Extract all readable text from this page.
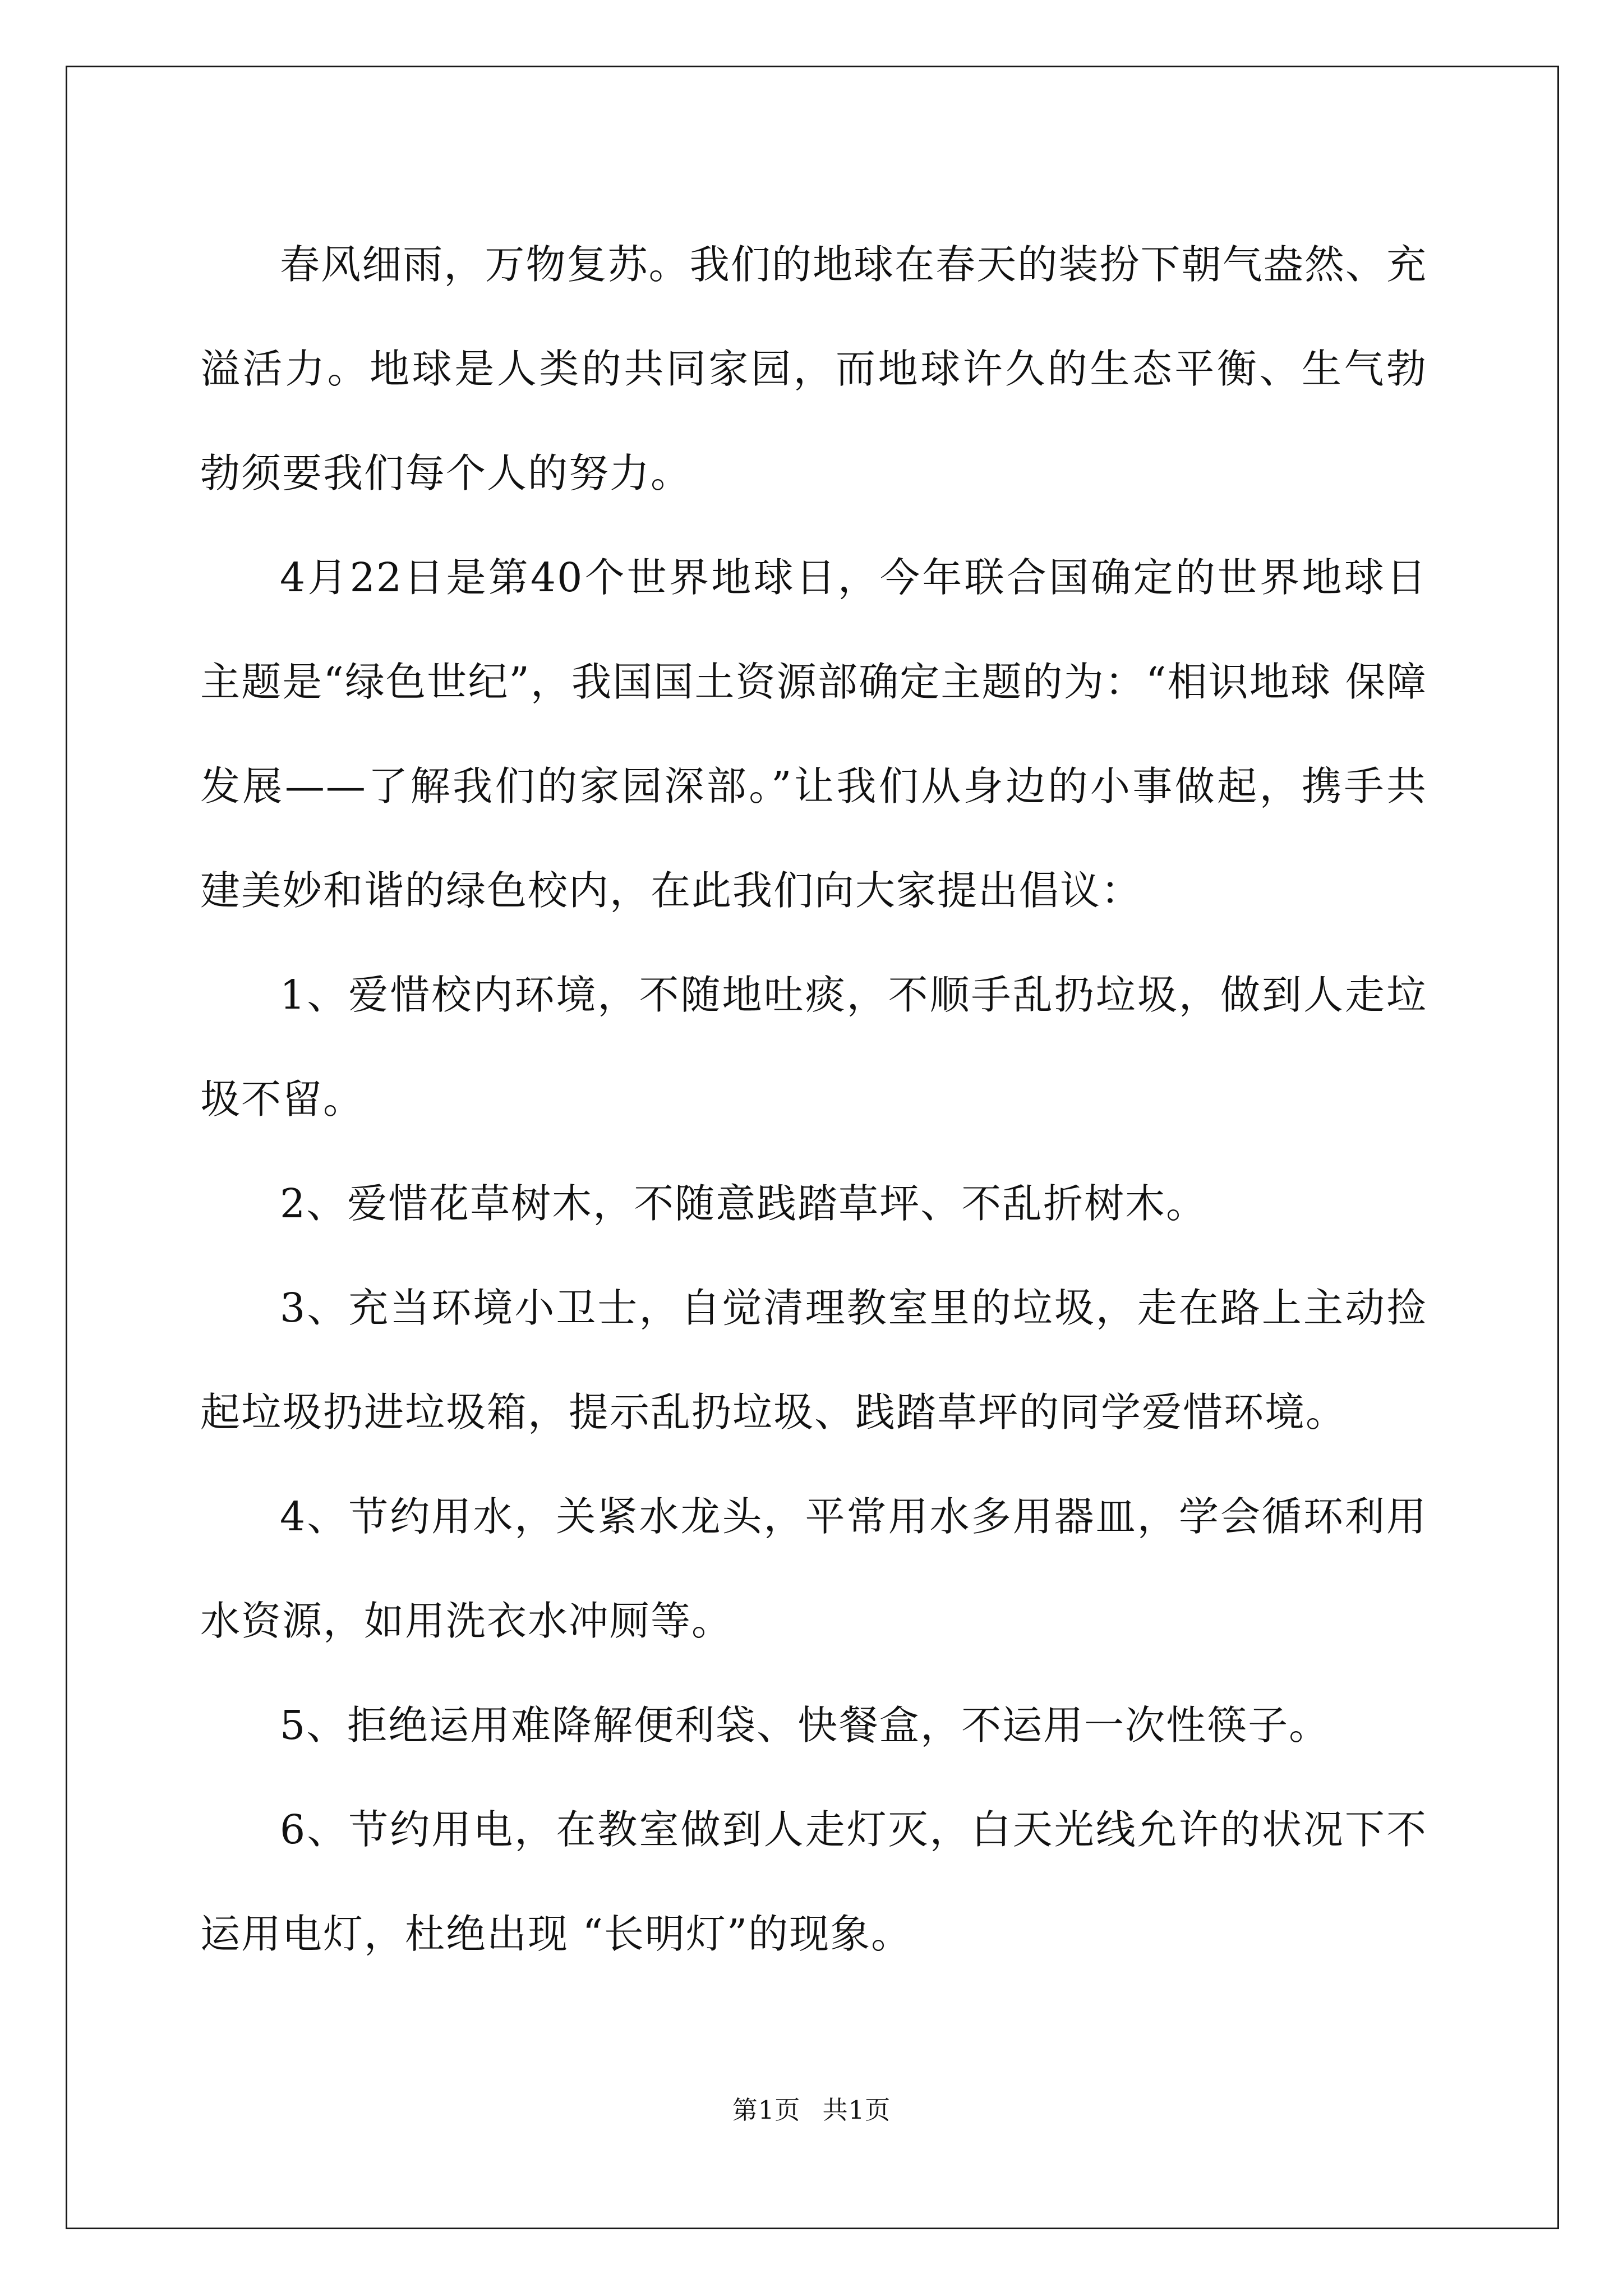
春风细雨，万物复苏。我们的地球在春天的装扮下朝气盎然、充溢活力。地球是人类的共同家园，而地球许久的生态平衡、生气勃勃须要我们每个人的努力。

4月22日是第40个世界地球日，今年联合国确定的世界地球日主题是“绿色世纪”，我国国土资源部确定主题的为：“相识地球 保障发展——了解我们的家园深部。”让我们从身边的小事做起，携手共建美妙和谐的绿色校内，在此我们向大家提出倡议：

1、爱惜校内环境，不随地吐痰，不顺手乱扔垃圾，做到人走垃圾不留。

2、爱惜花草树木，不随意践踏草坪、不乱折树木。

3、充当环境小卫士，自觉清理教室里的垃圾，走在路上主动捡起垃圾扔进垃圾箱，提示乱扔垃圾、践踏草坪的同学爱惜环境。

4、节约用水，关紧水龙头，平常用水多用器皿，学会循环利用水资源，如用洗衣水冲厕等。

5、拒绝运用难降解便利袋、快餐盒，不运用一次性筷子。

6、节约用电，在教室做到人走灯灭，白天光线允许的状况下不运用电灯，杜绝出现 “长明灯”的现象。

第1页 共1页
